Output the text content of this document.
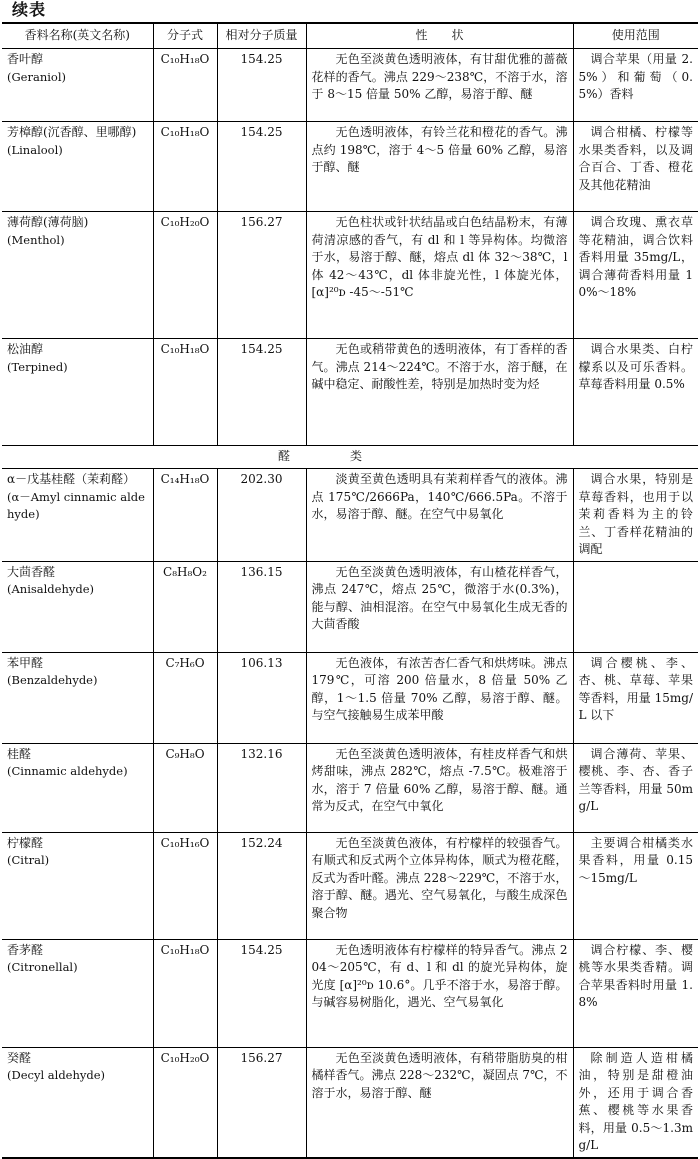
续表
香料名称(英文名称)	分子式	相对分子质量	性　　状	使用范围

香叶醇
(Geraniol)	C₁₀H₁₈O	154.25	无色至淡黄色透明液体，有甘甜优雅的蔷薇花样的香气。沸点 229～238℃，不溶于水，溶于 8～15 倍量 50% 乙醇，易溶于醇、醚	调合苹果（用量 2.5%）和葡萄（0.5%）香料

芳樟醇(沉香醇、里哪醇)
(Linalool)	C₁₀H₁₈O	154.25	无色透明液体，有铃兰花和橙花的香气。沸点约 198℃，溶于 4～5 倍量 60% 乙醇，易溶于醇、醚	调合柑橘、柠檬等水果类香料，以及调合百合、丁香、橙花及其他花精油

薄荷醇(薄荷脑)
(Menthol)	C₁₀H₂₀O	156.27	无色柱状或针状结晶或白色结晶粉末，有薄荷清凉感的香气，有 dl 和 l 等异构体。均微溶于水，易溶于醇、醚，熔点 dl 体 32～38℃，l 体 42～43℃，dl 体非旋光性，l 体旋光体，[α]²⁰ᴅ -45～-51℃	调合玫瑰、熏衣草等花精油，调合饮料香料用量 35mg/L，调合薄荷香料用量 10%～18%

松油醇
(Terpined)	C₁₀H₁₈O	154.25	无色或稍带黄色的透明液体，有丁香样的香气。沸点 214～224℃。不溶于水，溶于醚，在碱中稳定、耐酸性差，特别是加热时变为烃	调合水果类、白柠檬系以及可乐香料。草莓香料用量 0.5%
醛类				

α－戊基桂醛（茉莉醛）
(α－Amyl cinnamic aldehyde)	C₁₄H₁₈O	202.30	淡黄至黄色透明具有茉莉样香气的液体。沸点 175℃/2666Pa，140℃/666.5Pa。不溶于水，易溶于醇、醚。在空气中易氧化	调合水果，特别是草莓香料，也用于以茉莉香料为主的铃兰、丁香样花精油的调配

大茴香醛
(Anisaldehyde)	C₈H₈O₂	136.15	无色至淡黄色透明液体，有山楂花样香气，沸点 247℃，熔点 25℃，微溶于水(0.3%)，能与醇、油相混溶。在空气中易氧化生成无香的大茴香酸	

苯甲醛
(Benzaldehyde)	C₇H₆O	106.13	无色液体，有浓苦杏仁香气和烘烤味。沸点 179℃，可溶 200 倍量水，8 倍量 50% 乙醇，1～1.5 倍量 70% 乙醇，易溶于醇、醚。与空气接触易生成苯甲酸	调合樱桃、李、杏、桃、草莓、苹果等香料，用量 15mg/L 以下

桂醛
(Cinnamic aldehyde)	C₉H₈O	132.16	无色至淡黄色透明液体，有桂皮样香气和烘烤甜味，沸点 282℃，熔点 -7.5℃。极难溶于水，溶于 7 倍量 60% 乙醇，易溶于醇、醚。通常为反式，在空气中氧化	调合薄荷、苹果、樱桃、李、杏、香子兰等香料，用量 50mg/L

柠檬醛
(Citral)	C₁₀H₁₆O	152.24	无色至淡黄色液体，有柠檬样的较强香气。有顺式和反式两个立体异构体，顺式为橙花醛，反式为香叶醛。沸点 228～229℃，不溶于水，溶于醇、醚。遇光、空气易氧化，与酸生成深色聚合物	主要调合柑橘类水果香料，用量 0.15～15mg/L

香茅醛
(Citronellal)	C₁₀H₁₈O	154.25	无色透明液体有柠檬样的特异香气。沸点 204～205℃，有 d、l 和 dl 的旋光异构体，旋光度 [α]²⁰ᴅ 10.6°。几乎不溶于水，易溶于醇。与碱容易树脂化，遇光、空气易氧化	调合柠檬、李、樱桃等水果类香精。调合苹果香料时用量 1.8%

癸醛
(Decyl aldehyde)	C₁₀H₂₀O	156.27	无色至淡黄色透明液体，有稍带脂肪臭的柑橘样香气。沸点 228～232℃，凝固点 7℃，不溶于水，易溶于醇、醚	除制造人造柑橘油，特别是甜橙油外，还用于调合香蕉、樱桃等水果香料，用量 0.5～1.3mg/L
